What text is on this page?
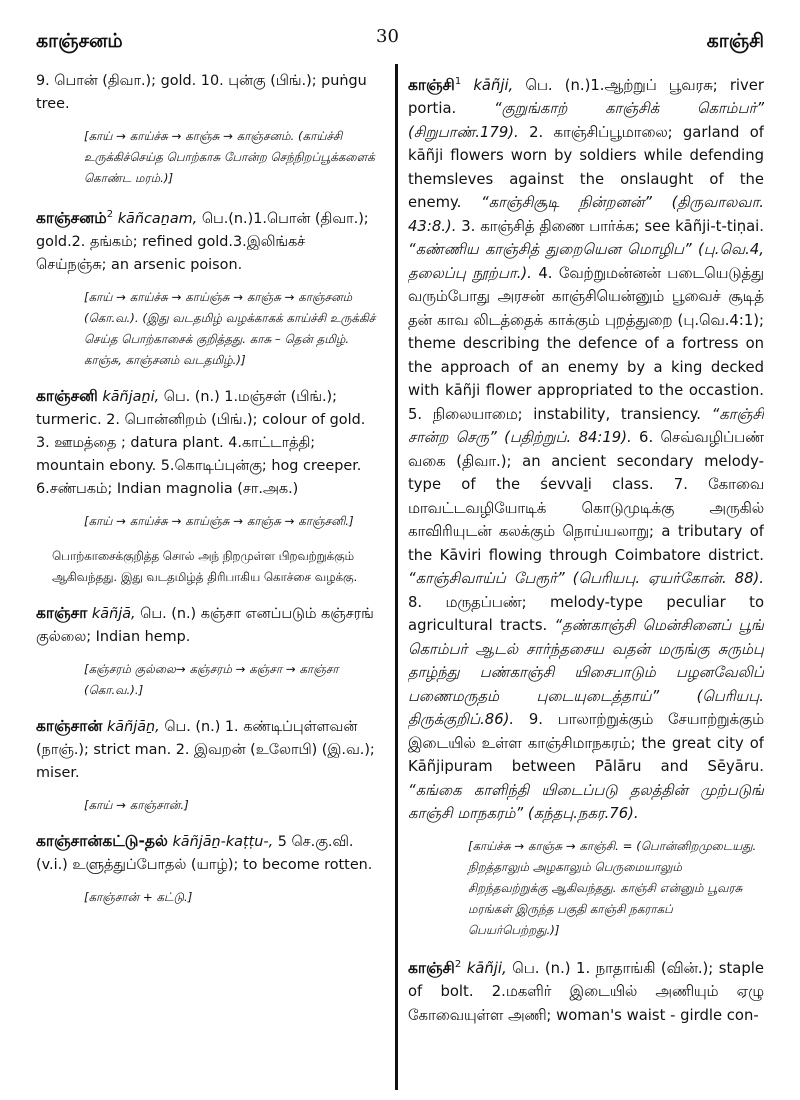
காஞ்சனம்	30	காஞ்சி

9. பொன் (திவா.); gold. 10. புன்கு (பிங்.); puṅgu tree.

[காய் → காய்ச்சு → காஞ்சு → காஞ்சனம். (காய்ச்சி உருக்கிச்செய்த பொற்காசு போன்ற செந்நிறப்பூக்களைக் கொண்ட மரம்.)]

காஞ்சனம்$^2$ kāñcaṉam, பெ.(n.)1.பொன் (திவா.); gold.2. தங்கம்; refined gold.3.இலிங்கச் செய்நஞ்சு; an arsenic poison.

[காய் → காய்ச்சு → காய்ஞ்சு → காஞ்சு → காஞ்சனம் (கொ.வ.). (இது வடதமிழ் வழக்காகக் காய்ச்சி உருக்கிச் செய்த பொற்காசைக் குறித்தது. காசு – தென் தமிழ். காஞ்சு, காஞ்சனம் வடதமிழ்.)]

காஞ்சனி kāñjaṉi, பெ. (n.) 1.மஞ்சள் (பிங்.); turmeric. 2. பொன்னிறம் (பிங்.); colour of gold. 3. ஊமத்தை ; datura plant. 4.காட்டாத்தி; mountain ebony. 5.கொடிப்புன்கு; hog creeper. 6.சண்பகம்; Indian magnolia (சா.அக.)

[காய் → காய்ச்சு → காய்ஞ்சு → காஞ்சு → காஞ்சனி.]

பொற்காசைக்குறித்த சொல் அந் நிறமுள்ள பிறவற்றுக்கும் ஆகிவந்தது. இது வடதமிழ்த் திரிபாகிய கொச்சை வழக்கு.

காஞ்சா kāñjā, பெ. (n.) கஞ்சா எனப்படும் கஞ்சரங் குல்லை; Indian hemp.

[கஞ்சரம் குல்லை→ கஞ்சரம் → கஞ்சா → காஞ்சா (கொ.வ.).]

காஞ்சான் kāñjāṉ, பெ. (n.) 1. கண்டிப்புள்ளவன் (நாஞ்.); strict man. 2. இவறன் (உலோபி) (இ.வ.); miser.

[காய் → காஞ்சான்.]

காஞ்சான்கட்டு-தல் kāñjāṉ-kaṭṭu-, 5 செ.கு.வி. (v.i.) உளுத்துப்போதல் (யாழ்); to become rotten.

[காஞ்சான் + கட்டு.]

காஞ்சி$^1$ kāñji, பெ. (n.)1.ஆற்றுப் பூவரசு; river portia.	“குறுங்காற் காஞ்சிக் கொம்பர்” (சிறுபாண்.179). 2. காஞ்சிப்பூமாலை; garland of kāñji flowers worn by soldiers while defending themsleves against the onslaught of the enemy. “காஞ்சிசூடி நின்றனன்” (திருவாலவா. 43:8.). 3. காஞ்சித் திணை பார்க்க; see kāñji-t-tiṇai. “கண்ணிய காஞ்சித் துறையென மொழிப” (பு.வெ.4, தலைப்பு நூற்பா.). 4. வேற்றுமன்னன் படையெடுத்து வரும்போது அரசன் காஞ்சியென்னும் பூவைச் சூடித் தன் காவ லிடத்தைக் காக்கும் புறத்துறை (பு.வெ.4:1); theme describing the defence of a fortress on the approach of an enemy by a king decked with kāñji flower appropriated to the occastion. 5. நிலையாமை; instability, transiency. “காஞ்சி சான்ற செரு” (பதிற்றுப். 84:19). 6. செவ்வழிப்பண் வகை (திவா.); an ancient secondary melody-type of the śevvaḻi class. 7. கோவை மாவட்டவழியோடிக் கொடுமுடிக்கு அருகில் காவிரியுடன் கலக்கும் நொய்யலாறு; a tributary of the Kāviri flowing through Coimbatore district. “காஞ்சிவாய்ப் பேரூர்” (பெரியபு. ஏயர்கோன். 88). 8. மருதப்பண்; melody-type peculiar to agricultural tracts. “தண்காஞ்சி மென்சினைப் பூங் கொம்பர் ஆடல் சார்ந்தசைய வதன் மருங்கு சுரும்பு தாழ்ந்து பண்காஞ்சி யிசைபாடும் பழனவேலிப் பணைமருதம் புடையுடைத்தாய்” (பெரியபு. திருக்குறிப்.86). 9. பாலாற்றுக்கும் சேயாற்றுக்கும் இடையில் உள்ள காஞ்சிமாநகரம்; the great city of Kāñjipuram between Pālāru and Sēyāru. “கங்கை காளிந்தி யிடைப்படு தலத்தின் முற்படுங் காஞ்சி மாநகரம்” (கந்தபு.நகர.76).

[காய்ச்சு → காஞ்சு → காஞ்சி. = (பொன்னிறமுடையது. நிறத்தாலும் அழகாலும் பெருமையாலும் சிறந்தவற்றுக்கு ஆகிவந்தது. காஞ்சி என்னும் பூவரசு மரங்கள் இருந்த பகுதி காஞ்சி நகராகப் பெயர்பெற்றது.)]

காஞ்சி$^2$ kāñji, பெ. (n.) 1. நாதாங்கி (வின்.); staple of bolt. 2.மகளிர் இடையில் அணியும் ஏழு கோவையுள்ள அணி; woman's waist - girdle con-
